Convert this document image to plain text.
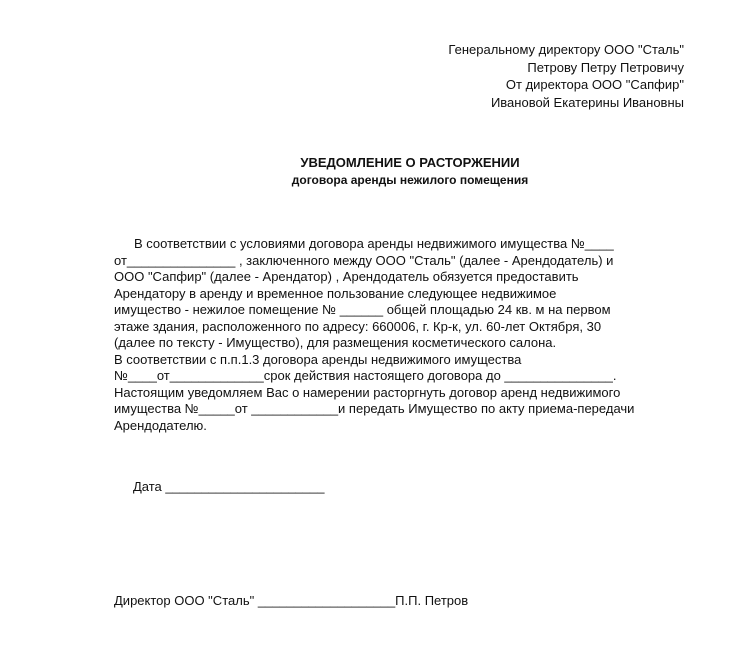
Генеральному директору ООО "Сталь"
Петрову Петру Петровичу
От директора ООО "Сапфир"
Ивановой Екатерины Ивановны
УВЕДОМЛЕНИЕ О РАСТОРЖЕНИИ
договора аренды нежилого помещения
В соответствии с условиями договора аренды недвижимого имущества №____
от_______________ , заключенного между ООО "Сталь" (далее - Арендодатель) и
ООО "Сапфир" (далее - Арендатор) , Арендодатель обязуется предоставить
Арендатору в аренду и временное пользование следующее недвижимое
имущество - нежилое помещение № ______ общей площадью 24 кв. м на первом
этаже здания, расположенного по адресу: 660006, г. Кр-к, ул. 60-лет Октября, 30
(далее по тексту - Имущество), для размещения косметического салона.
В соответствии с п.п.1.3 договора аренды недвижимого имущества
№____от_____________срок действия настоящего договора до _______________.
Настоящим уведомляем Вас о намерении расторгнуть договор аренд недвижимого
имущества №_____от ____________и передать Имущество по акту приема-передачи
Арендодателю.
Дата ______________________
Директор ООО "Сталь" ___________________П.П. Петров
